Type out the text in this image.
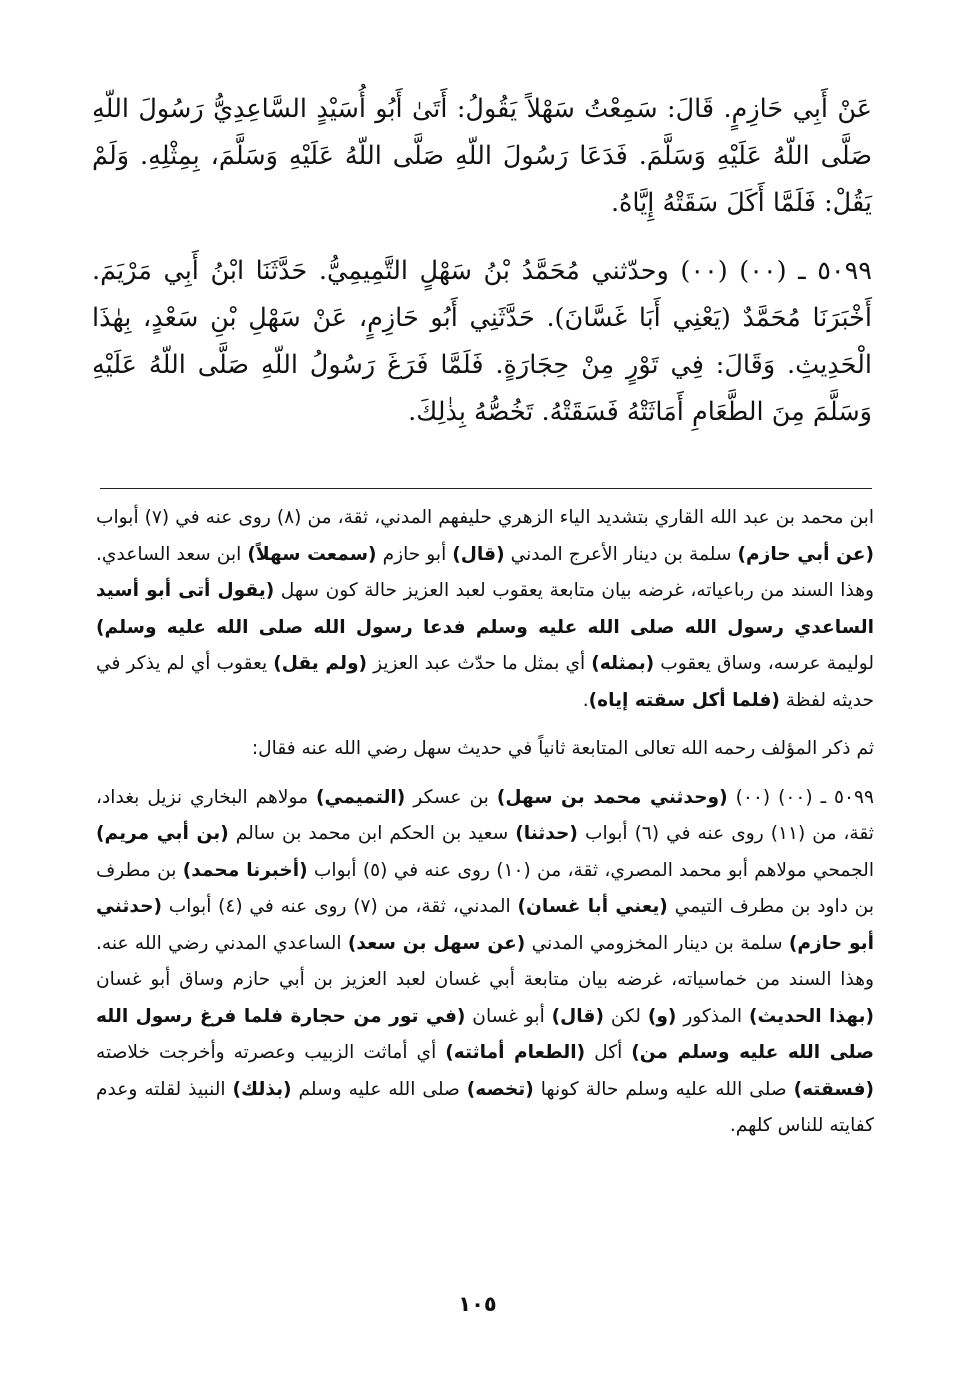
عَنْ أَبِي حَازِمٍ. قَالَ: سَمِعْتُ سَهْلاً يَقُولُ: أَتَىٰ أَبُو أُسَيْدٍ السَّاعِدِيُّ رَسُولَ اللّهِ صَلَّى اللّهُ عَلَيْهِ وَسَلَّمَ. فَدَعَا رَسُولَ اللّهِ صَلَّى اللّهُ عَلَيْهِ وَسَلَّمَ، بِمِثْلِهِ. وَلَمْ يَقُلْ: فَلَمَّا أَكَلَ سَقَتْهُ إِيَّاهُ.

٥٠٩٩ ـ (٠٠) (٠٠) وحدّثني مُحَمَّدُ بْنُ سَهْلٍ التَّمِيمِيُّ. حَدَّثَنَا ابْنُ أَبِي مَرْيَمَ. أَخْبَرَنَا مُحَمَّدٌ (يَعْنِي أَبَا غَسَّانَ). حَدَّثَنِي أَبُو حَازِمٍ، عَنْ سَهْلِ بْنِ سَعْدٍ، بِهٰذَا الْحَدِيثِ. وَقَالَ: فِي تَوْرٍ مِنْ حِجَارَةٍ. فَلَمَّا فَرَغَ رَسُولُ اللّهِ صَلَّى اللّهُ عَلَيْهِ وَسَلَّمَ مِنَ الطَّعَامِ أَمَاثَتْهُ فَسَقَتْهُ. تَخُصُّهُ بِذٰلِكَ.

ابن محمد بن عبد الله القاري بتشديد الياء الزهري حليفهم المدني، ثقة، من (٨) روى عنه في (٧) أبواب (عن أبي حازم) سلمة بن دينار الأعرج المدني (قال) أبو حازم (سمعت سهلاً) ابن سعد الساعدي. وهذا السند من رباعياته، غرضه بيان متابعة يعقوب لعبد العزيز حالة كون سهل (يقول أتى أبو أسيد الساعدي رسول الله صلى الله عليه وسلم فدعا رسول الله صلى الله عليه وسلم) لوليمة عرسه، وساق يعقوب (بمثله) أي بمثل ما حدّث عبد العزيز (ولم يقل) يعقوب أي لم يذكر في حديثه لفظة (فلما أكل سقته إياه).

ثم ذكر المؤلف رحمه الله تعالى المتابعة ثانياً في حديث سهل رضي الله عنه فقال:

٥٠٩٩ ـ (٠٠) (٠٠) (وحدثني محمد بن سهل) بن عسكر (التميمي) مولاهم البخاري نزيل بغداد، ثقة، من (١١) روى عنه في (٦) أبواب (حدثنا) سعيد بن الحكم ابن محمد بن سالم (بن أبي مريم) الجمحي مولاهم أبو محمد المصري، ثقة، من (١٠) روى عنه في (٥) أبواب (أخبرنا محمد) بن مطرف بن داود بن مطرف التيمي (يعني أبا غسان) المدني، ثقة، من (٧) روى عنه في (٤) أبواب (حدثني أبو حازم) سلمة بن دينار المخزومي المدني (عن سهل بن سعد) الساعدي المدني رضي الله عنه. وهذا السند من خماسياته، غرضه بيان متابعة أبي غسان لعبد العزيز بن أبي حازم وساق أبو غسان (بهذا الحديث) المذكور (و) لكن (قال) أبو غسان (في تور من حجارة فلما فرغ رسول الله صلى الله عليه وسلم من) أكل (الطعام أماثته) أي أماثت الزبيب وعصرته وأخرجت خلاصته (فسقته) صلى الله عليه وسلم حالة كونها (تخصه) صلى الله عليه وسلم (بذلك) النبيذ لقلته وعدم كفايته للناس كلهم.

١٠٥
